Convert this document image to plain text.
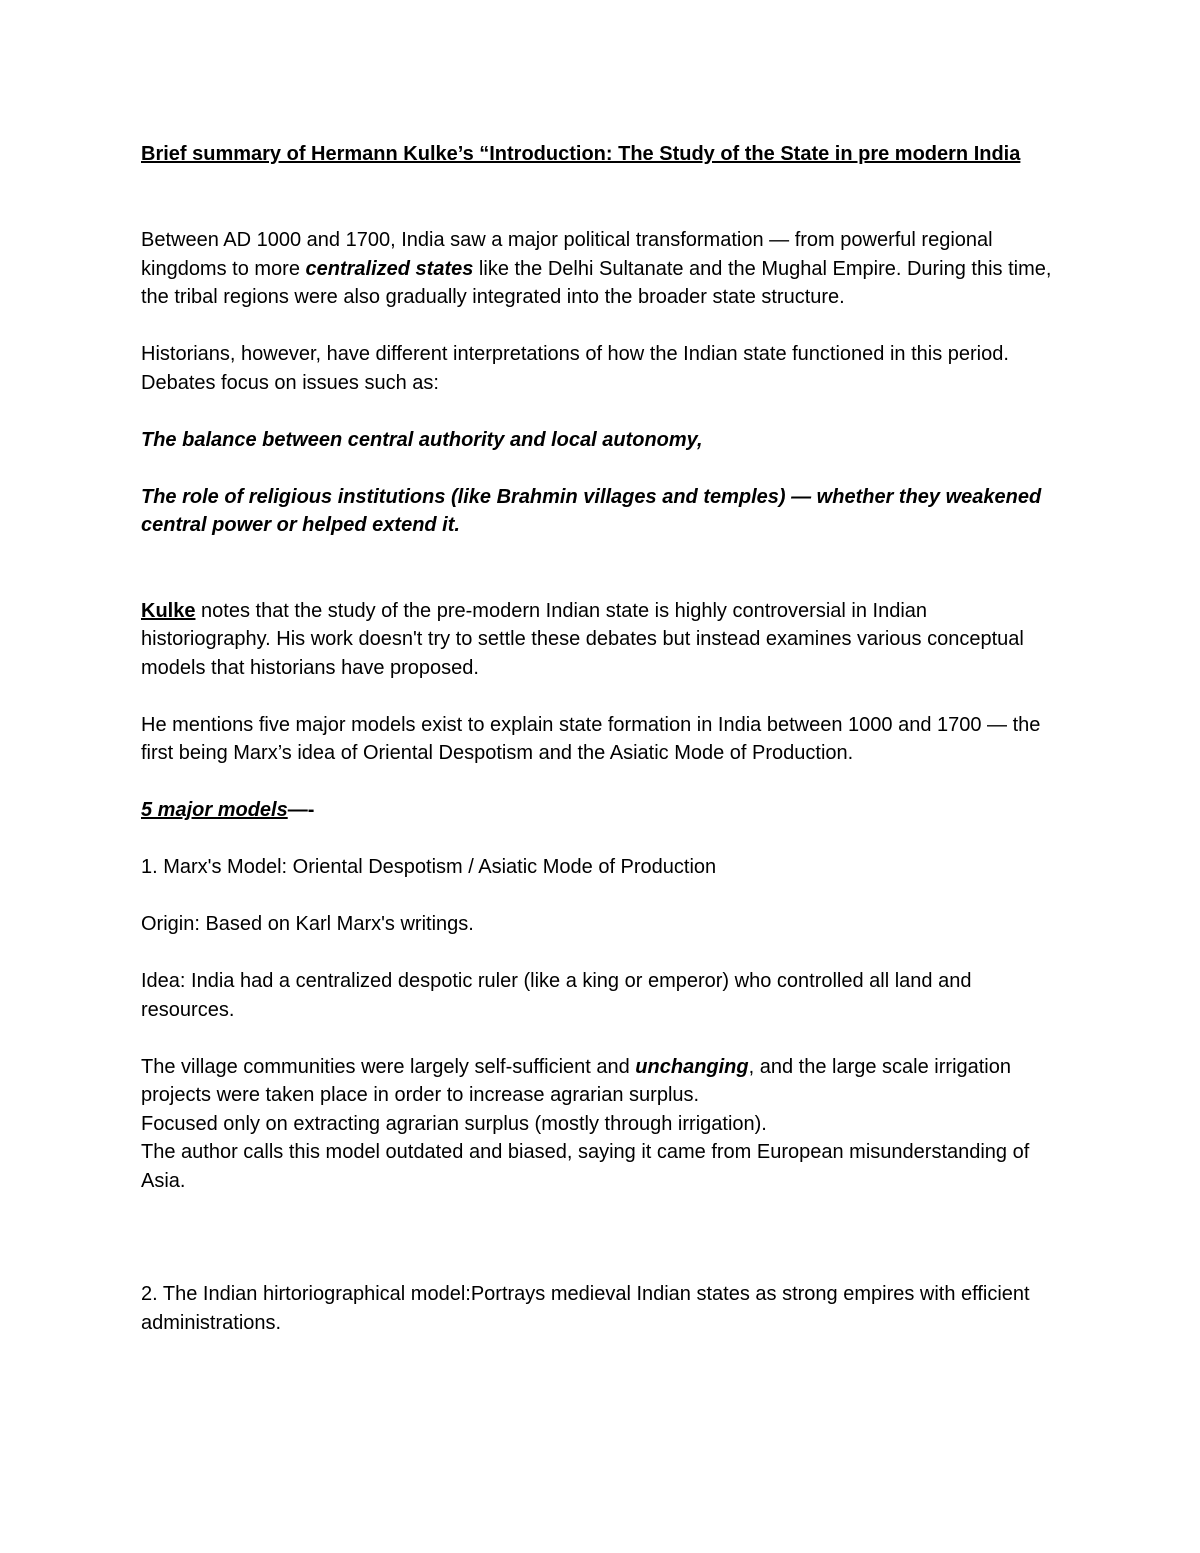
Brief summary of Hermann Kulke’s “Introduction: The Study of the State in pre modern India

Between AD 1000 and 1700, India saw a major political transformation — from powerful regional kingdoms to more centralized states like the Delhi Sultanate and the Mughal Empire. During this time, the tribal regions were also gradually integrated into the broader state structure.

Historians, however, have different interpretations of how the Indian state functioned in this period. Debates focus on issues such as:

The balance between central authority and local autonomy,

The role of religious institutions (like Brahmin villages and temples) — whether they weakened central power or helped extend it.

Kulke notes that the study of the pre-modern Indian state is highly controversial in Indian historiography. His work doesn't try to settle these debates but instead examines various conceptual models that historians have proposed.

He mentions five major models exist to explain state formation in India between 1000 and 1700 — the first being Marx’s idea of Oriental Despotism and the Asiatic Mode of Production.

5 major models—-

1. Marx's Model: Oriental Despotism / Asiatic Mode of Production

Origin: Based on Karl Marx's writings.

Idea: India had a centralized despotic ruler (like a king or emperor) who controlled all land and resources.

The village communities were largely self-sufficient and unchanging, and the large scale irrigation projects were taken place in order to increase agrarian surplus.

Focused only on extracting agrarian surplus (mostly through irrigation).

The author calls this model outdated and biased, saying it came from European misunderstanding of Asia.

2. The Indian hirtoriographical model:Portrays medieval Indian states as strong empires with efficient administrations.
